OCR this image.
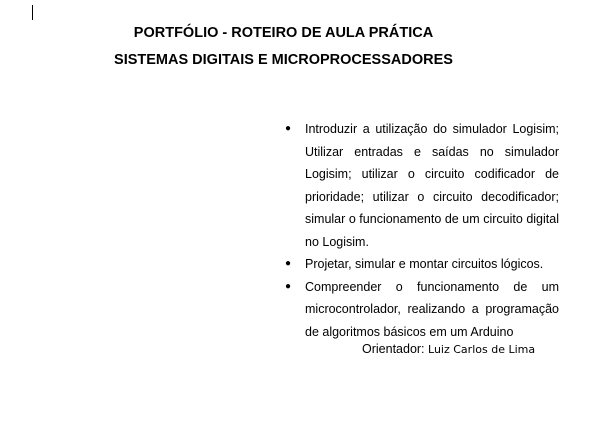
PORTFÓLIO - ROTEIRO DE AULA PRÁTICA
SISTEMAS DIGITAIS E MICROPROCESSADORES
● Introduzir a utilização do simulador Logisim; Utilizar entradas e saídas no simulador Logisim; utilizar o circuito codificador de prioridade; utilizar o circuito decodificador; simular o funcionamento de um circuito digital no Logisim.
● Projetar, simular e montar circuitos lógicos.
● Compreender o funcionamento de um microcontrolador, realizando a programação de algoritmos básicos em um Arduino
Orientador: Luiz Carlos de Lima
